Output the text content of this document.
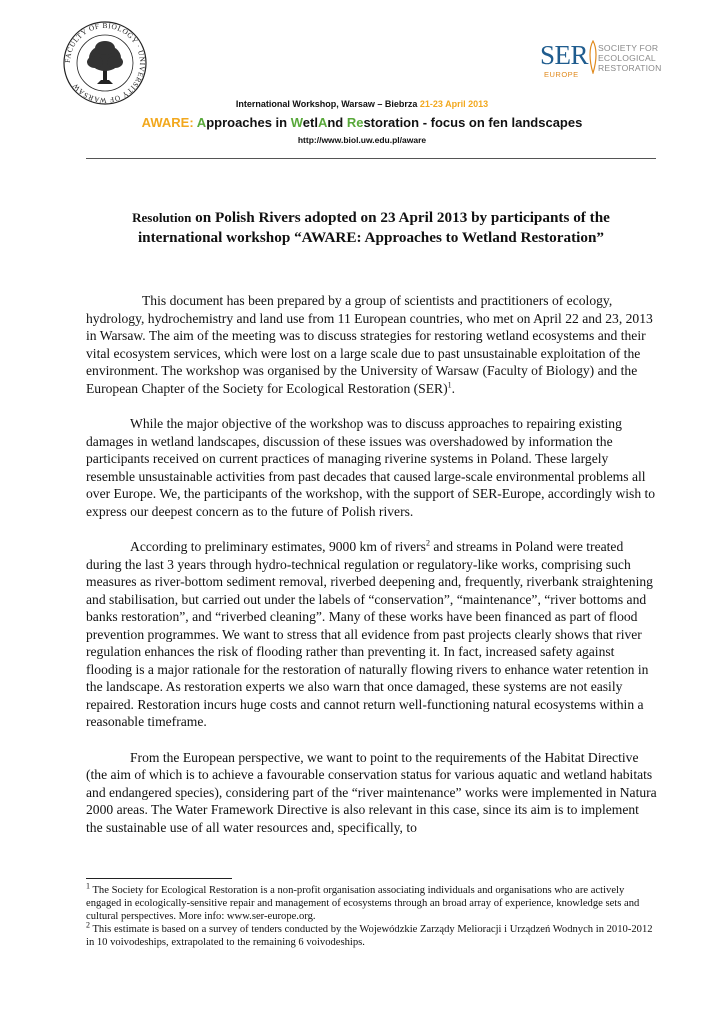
FACULTY OF BIOLOGY · UNIVERSITY OF WARSAW
SER
EUROPE
SOCIETY FOR
ECOLOGICAL
RESTORATION
International Workshop, Warsaw – Biebrza 21-23 April 2013
AWARE: Approaches in WetlAnd Restoration - focus on fen landscapes
http://www.biol.uw.edu.pl/aware
Resolution on Polish Rivers adopted on 23 April 2013 by participants of the
international workshop “AWARE: Approaches to Wetland Restoration”

This document has been prepared by a group of scientists and practitioners of ecology, hydrology, hydrochemistry and land use from 11 European countries, who met on April 22 and 23, 2013 in Warsaw. The aim of the meeting was to discuss strategies for restoring wetland ecosystems and their vital ecosystem services, which were lost on a large scale due to past unsustainable exploitation of the environment. The workshop was organised by the University of Warsaw (Faculty of Biology) and the European Chapter of the Society for Ecological Restoration (SER)$^1$.

While the major objective of the workshop was to discuss approaches to repairing existing damages in wetland landscapes, discussion of these issues was overshadowed by information the participants received on current practices of managing riverine systems in Poland. These largely resemble unsustainable activities from past decades that caused large-scale environmental problems all over Europe. We, the participants of the workshop, with the support of SER-Europe, accordingly wish to express our deepest concern as to the future of Polish rivers.

According to preliminary estimates, 9000 km of rivers$^2$ and streams in Poland were treated during the last 3 years through hydro-technical regulation or regulatory-like works, comprising such measures as river-bottom sediment removal, riverbed deepening and, frequently, riverbank straightening and stabilisation, but carried out under the labels of “conservation”, “maintenance”, “river bottoms and banks restoration”, and “riverbed cleaning”. Many of these works have been financed as part of flood prevention programmes. We want to stress that all evidence from past projects clearly shows that river regulation enhances the risk of flooding rather than preventing it. In fact, increased safety against flooding is a major rationale for the restoration of naturally flowing rivers to enhance water retention in the landscape. As restoration experts we also warn that once damaged, these systems are not easily repaired. Restoration incurs huge costs and cannot return well-functioning natural ecosystems within a reasonable timeframe.

From the European perspective, we want to point to the requirements of the Habitat Directive (the aim of which is to achieve a favourable conservation status for various aquatic and wetland habitats and endangered species), considering part of the “river maintenance” works were implemented in Natura 2000 areas. The Water Framework Directive is also relevant in this case, since its aim is to implement the sustainable use of all water resources and, specifically, to

$^1$ The Society for Ecological Restoration is a non-profit organisation associating individuals and organisations who are actively engaged in ecologically-sensitive repair and management of ecosystems through an broad array of experience, knowledge sets and cultural perspectives. More info: www.ser-europe.org.

$^2$ This estimate is based on a survey of tenders conducted by the Wojewódzkie Zarządy Melioracji i Urządzeń Wodnych in 2010-2012 in 10 voivodeships, extrapolated to the remaining 6 voivodeships.
